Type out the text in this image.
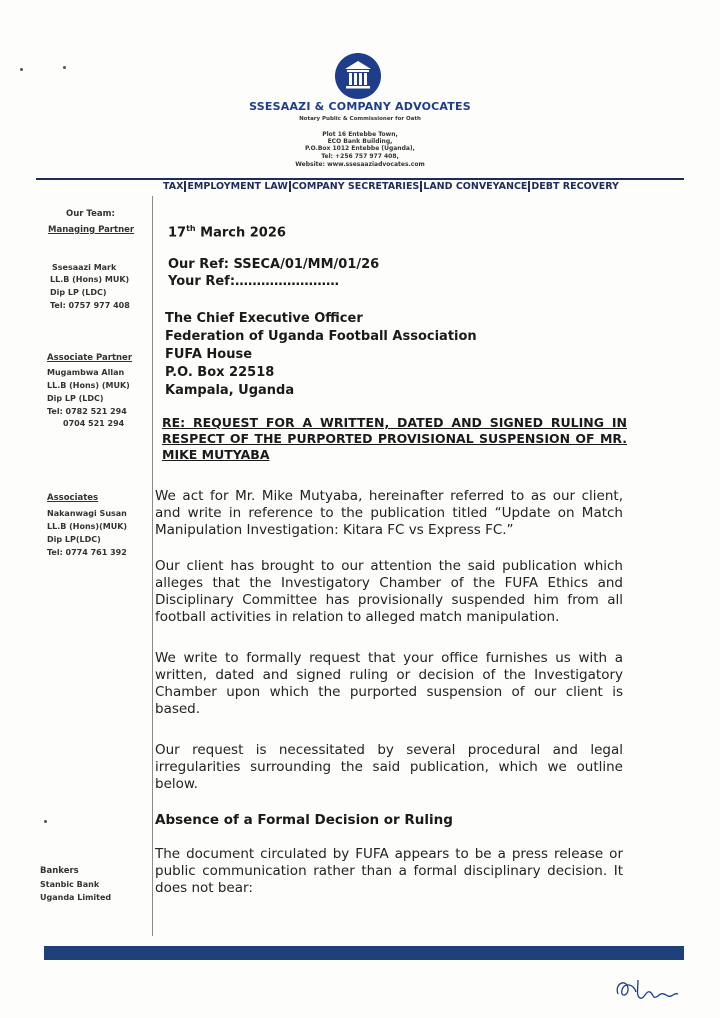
SSESAAZI & COMPANY ADVOCATES
Notary Public & Commissioner for Oath
Plot 16 Entebbe Town,
ECO Bank Building,
P.O.Box 1012 Entebbe (Uganda),
Tel: +256 757 977 408,
Website: www.ssesaaziadvocates.com
TAX EMPLOYMENT LAW COMPANY SECRETARIES LAND CONVEYANCE DEBT RECOVERY
Our Team:
Managing Partner
Ssesaazi Mark
LL.B (Hons) MUK)
Dip LP (LDC)
Tel: 0757 977 408
Associate Partner
Mugambwa Allan
LL.B (Hons) (MUK)
Dip LP (LDC)
Tel: 0782 521 294
0704 521 294
Associates
Nakanwagi Susan
LL.B (Hons)(MUK)
Dip LP(LDC)
Tel: 0774 761 392
Bankers
Stanbic Bank
Uganda Limited
17th March 2026
Our Ref: SSECA/01/MM/01/26
Your Ref:……………………
The Chief Executive Officer
Federation of Uganda Football Association
FUFA House
P.O. Box 22518
Kampala, Uganda
RE: REQUEST FOR A WRITTEN, DATED AND SIGNED RULING IN RESPECT OF THE PURPORTED PROVISIONAL SUSPENSION OF MR. MIKE MUTYABA
We act for Mr. Mike Mutyaba, hereinafter referred to as our client, and write in reference to the publication titled “Update on Match Manipulation Investigation: Kitara FC vs Express FC.”
Our client has brought to our attention the said publication which alleges that the Investigatory Chamber of the FUFA Ethics and Disciplinary Committee has provisionally suspended him from all football activities in relation to alleged match manipulation.
We write to formally request that your office furnishes us with a written, dated and signed ruling or decision of the Investigatory Chamber upon which the purported suspension of our client is based.
Our request is necessitated by several procedural and legal irregularities surrounding the said publication, which we outline below.
Absence of a Formal Decision or Ruling
The document circulated by FUFA appears to be a press release or public communication rather than a formal disciplinary decision. It does not bear:
